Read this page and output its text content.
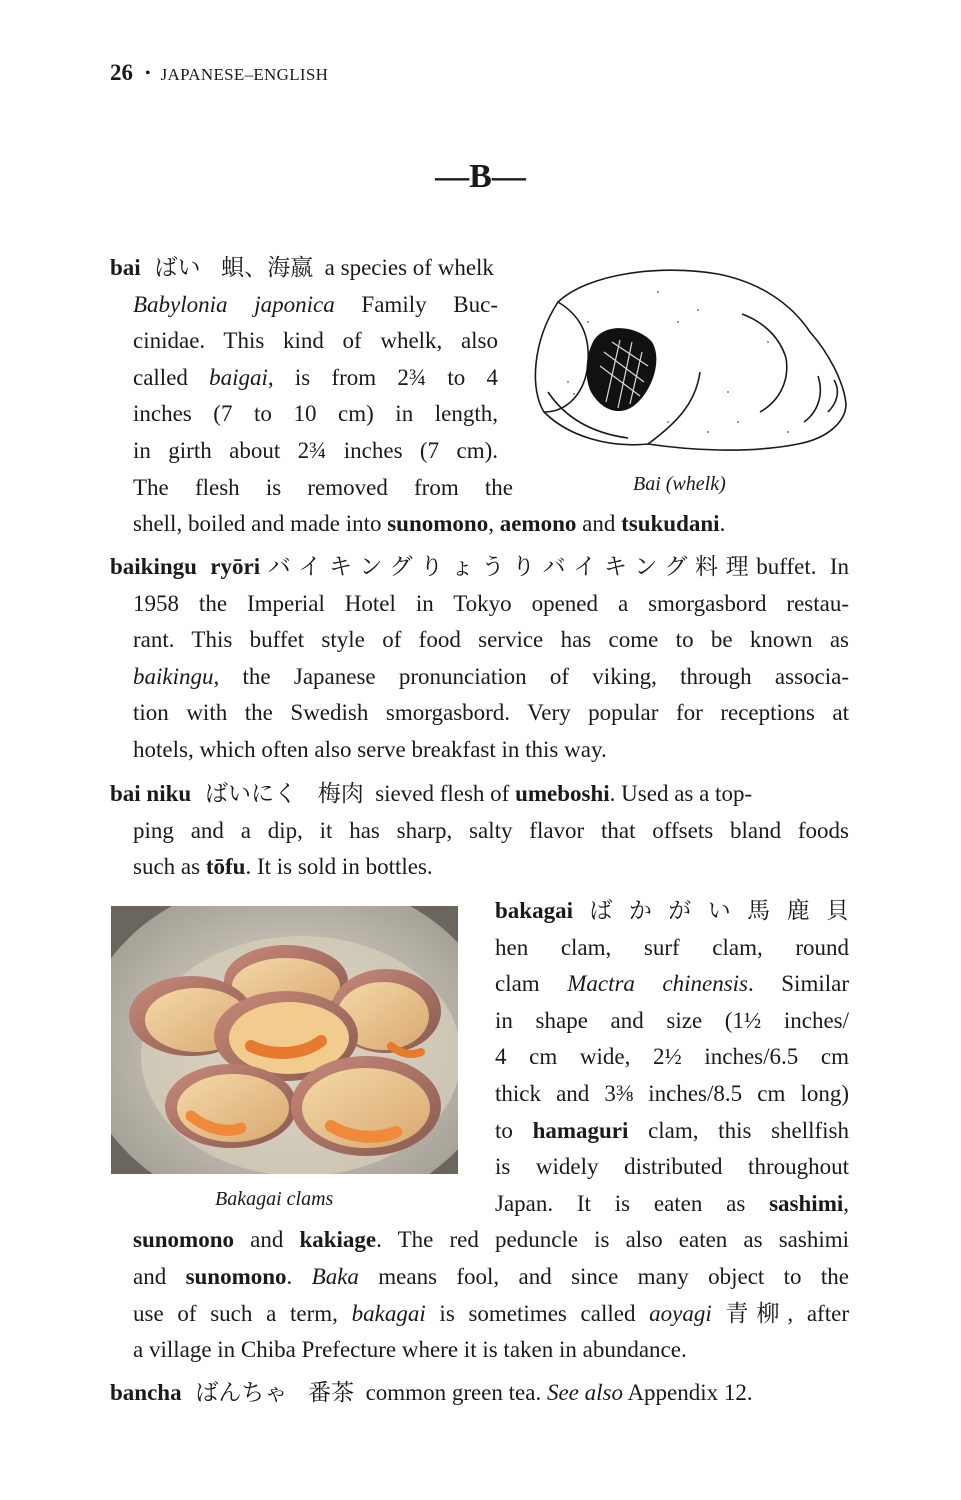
26 • JAPANESE–ENGLISH
—B—
Bai (whelk)
bai ばい 蛽、海嬴 a species of whelk
Babylonia japonica Family Buc-
cinidae. This kind of whelk, also
called baigai, is from 2¾ to 4
inches (7 to 10 cm) in length,
in girth about 2¾ inches (7 cm).
The flesh is removed from the
shell, boiled and made into sunomono, aemono and tsukudani.
baikingu ryōriバイキングりょうりバイキング料理buffet. In
1958 the Imperial Hotel in Tokyo opened a smorgasbord restau-
rant. This buffet style of food service has come to be known as
baikingu, the Japanese pronunciation of viking, through associa-
tion with the Swedish smorgasbord. Very popular for receptions at
hotels, which often also serve breakfast in this way.
bai niku ばいにく 梅肉 sieved flesh of umeboshi. Used as a top-
ping and a dip, it has sharp, salty flavor that offsets bland foods
such as tōfu. It is sold in bottles.
Bakagai clams
bakagaiばかがい馬鹿貝
hen clam, surf clam, round
clam Mactra chinensis. Similar
in shape and size (1½ inches/
4 cm wide, 2½ inches/6.5 cm
thick and 3⅜ inches/8.5 cm long)
to hamaguri clam, this shellfish
is widely distributed throughout
Japan. It is eaten as sashimi,
sunomono and kakiage. The red peduncle is also eaten as sashimi
and sunomono. Baka means fool, and since many object to the
use of such a term, bakagai is sometimes called aoyagi 青柳, after
a village in Chiba Prefecture where it is taken in abundance.
bancha ばんちゃ 番茶 common green tea. See also Appendix 12.
